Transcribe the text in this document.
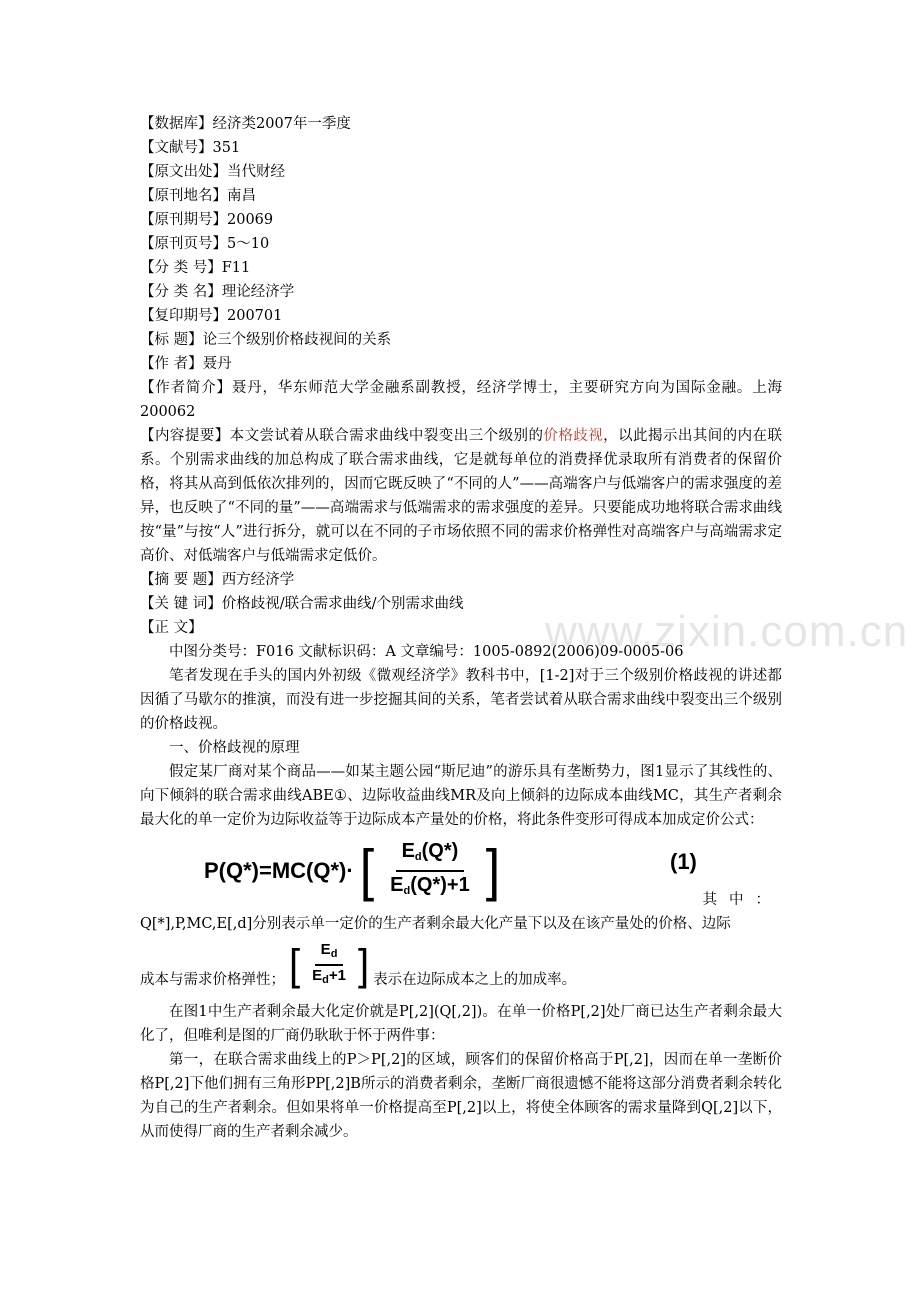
www.zixin.com.cn
【数据库】经济类2007年一季度
【文献号】351
【原文出处】当代财经
【原刊地名】南昌
【原刊期号】20069
【原刊页号】5～10
【分 类 号】F11
【分 类 名】理论经济学
【复印期号】200701
【标 题】论三个级别价格歧视间的关系
【作 者】聂丹
【作者简介】聂丹，华东师范大学金融系副教授，经济学博士，主要研究方向为国际金融。上海 200062
【内容提要】本文尝试着从联合需求曲线中裂变出三个级别的价格歧视，以此揭示出其间的内在联系。个别需求曲线的加总构成了联合需求曲线，它是就每单位的消费择优录取所有消费者的保留价格，将其从高到低依次排列的，因而它既反映了“不同的人”——高端客户与低端客户的需求强度的差异，也反映了“不同的量”——高端需求与低端需求的需求强度的差异。只要能成功地将联合需求曲线按“量”与按“人”进行拆分，就可以在不同的子市场依照不同的需求价格弹性对高端客户与高端需求定高价、对低端客户与低端需求定低价。
【摘 要 题】西方经济学
【关 键 词】价格歧视/联合需求曲线/个别需求曲线
【正 文】
中图分类号：F016 文献标识码：A 文章编号：1005-0892(2006)09-0005-06
笔者发现在手头的国内外初级《微观经济学》教科书中，[1-2]对于三个级别价格歧视的讲述都因循了马歇尔的推演，而没有进一步挖掘其间的关系，笔者尝试着从联合需求曲线中裂变出三个级别的价格歧视。
一、价格歧视的原理
假定某厂商对某个商品——如某主题公园“斯尼迪”的游乐具有垄断势力，图1显示了其线性的、向下倾斜的联合需求曲线ABE①、边际收益曲线MR及向上倾斜的边际成本曲线MC，其生产者剩余最大化的单一定价为边际收益等于边际成本产量处的价格，将此条件变形可得成本加成定价公式：
P(Q*)=MC(Q*)· [ $\frac{E_d(Q*)}{E_d(Q*)+1}$ ]	(1)
其中：
Q[*],P,MC,E[,d]分别表示单一定价的生产者剩余最大化产量下以及在该产量处的价格、边际
成本与需求价格弹性； [ $\frac{E_d}{E_d+1}$ ] 表示在边际成本之上的加成率。
在图1中生产者剩余最大化定价就是P[,2](Q[,2])。在单一价格P[,2]处厂商已达生产者剩余最大化了，但唯利是图的厂商仍耿耿于怀于两件事：
第一，在联合需求曲线上的P＞P[,2]的区域，顾客们的保留价格高于P[,2]，因而在单一垄断价格P[,2]下他们拥有三角形PP[,2]B所示的消费者剩余，垄断厂商很遗憾不能将这部分消费者剩余转化为自己的生产者剩余。但如果将单一价格提高至P[,2]以上，将使全体顾客的需求量降到Q[,2]以下，从而使得厂商的生产者剩余减少。
